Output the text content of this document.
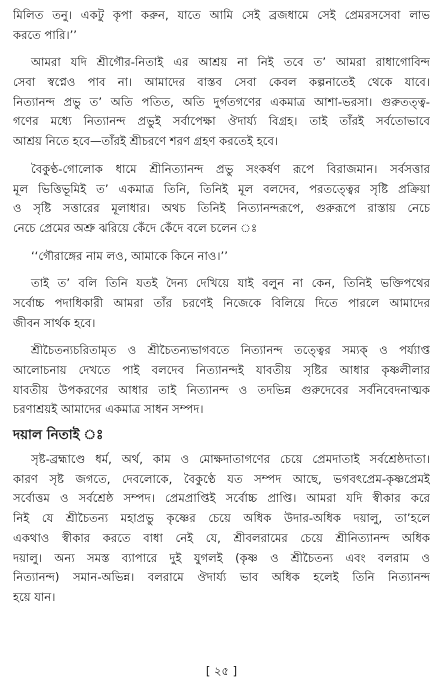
মিলিত তনু। একটু কৃপা করুন, যাতে আমি সেই ব্রজধামে সেই প্রেমরসসেবা লাভ
করতে পারি।’’
আমরা যদি শ্রীগৌর-নিতাই এর আশ্রয় না নিই তবে ত’ আমরা রাধাগোবিন্দ
সেবা স্বপ্নেও পাব না। আমাদের বাস্তব সেবা কেবল কল্পনাতেই থেকে যাবে।
নিত্যানন্দ প্রভু ত’ অতি পতিত, অতি দুর্গতগণের একমাত্র আশা-ভরসা। গুরুতত্ত্ব-
গণের মধ্যে নিত্যানন্দ প্রভুই সর্বাপেক্ষা ঔদার্য্য বিগ্রহ। তাই তাঁরই সর্বতোভাবে
আশ্রয় নিতে হবে—তাঁরই শ্রীচরণে শরণ গ্রহণ করতেই হবে।
বৈকুণ্ঠ-গোলোক ধামে শ্রীনিত্যানন্দ প্রভু সংকর্ষণ রূপে বিরাজমান। সর্বসত্তার
মূল ভিত্তিভূমিই ত’ একমাত্র তিনি, তিনিই মূল বলদেব, পরতত্ত্বের সৃষ্টি প্রক্রিয়া
ও সৃষ্টি সত্তারের মূলাধার। অথচ তিনিই নিত্যানন্দরূপে, গুরুরূপে রাস্তায় নেচে
নেচে প্রেমের অশ্রু ঝরিয়ে কেঁদে কেঁদে বলে চলেন ঃ
‘‘গৌরাঙ্গের নাম লও, আমাকে কিনে নাও।’’
তাই ত’ বলি তিনি যতই দৈন্য দেখিয়ে যাই বলুন না কেন, তিনিই ভক্তিপথের
সর্বোচ্চ পদাধিকারী আমরা তাঁর চরণেই নিজেকে বিলিয়ে দিতে পারলে আমাদের
জীবন সার্থক হবে।
শ্রীচৈতন্যচরিতামৃত ও শ্রীচৈতন্যভাগবতে নিত্যানন্দ তত্ত্বের সম্যক্ ও পর্য্যাপ্ত
আলোচনায় দেখতে পাই বলদেব নিত্যানন্দই যাবতীয় সৃষ্টির আধার কৃষ্ণলীলার
যাবতীয় উপকরণের আধার তাই নিত্যানন্দ ও তদভিন্ন গুরুদেবের সর্বনিবেদনাত্মক
চরণাশ্রয়ই আমাদের একমাত্র সাধন সম্পদ।
দয়াল নিতাই ঃ
সৃষ্ট-ব্রহ্মাণ্ডে ধর্ম, অর্থ, কাম ও মোক্ষদাতাগণের চেয়ে প্রেমদাতাই সর্বশ্রেষ্ঠদাতা।
কারণ সৃষ্ট জগতে, দেবলোকে, বৈকুণ্ঠে যত সম্পদ আছে, ভগবৎপ্রেম-কৃষ্ণপ্রেমই
সর্বোত্তম ও সর্বশ্রেষ্ঠ সম্পদ। প্রেমপ্রাপ্তিই সর্বোচ্চ প্রাপ্তি। আমরা যদি স্বীকার করে
নিই যে শ্রীচৈতন্য মহাপ্রভু কৃষ্ণের চেয়ে অধিক উদার-অধিক দয়ালু, তা’হলে
একথাও স্বীকার করতে বাধা নেই যে, শ্রীবলরামের চেয়ে শ্রীনিত্যানন্দ অধিক
দয়ালু। অন্য সমস্ত ব্যাপারে দুই যুগলই (কৃষ্ণ ও শ্রীচৈতন্য এবং বলরাম ও
নিত্যানন্দ) সমান-অভিন্ন। বলরামে ঔদার্য্য ভাব অধিক হলেই তিনি নিত্যানন্দ
হয়ে যান।
[ ২৫ ]
